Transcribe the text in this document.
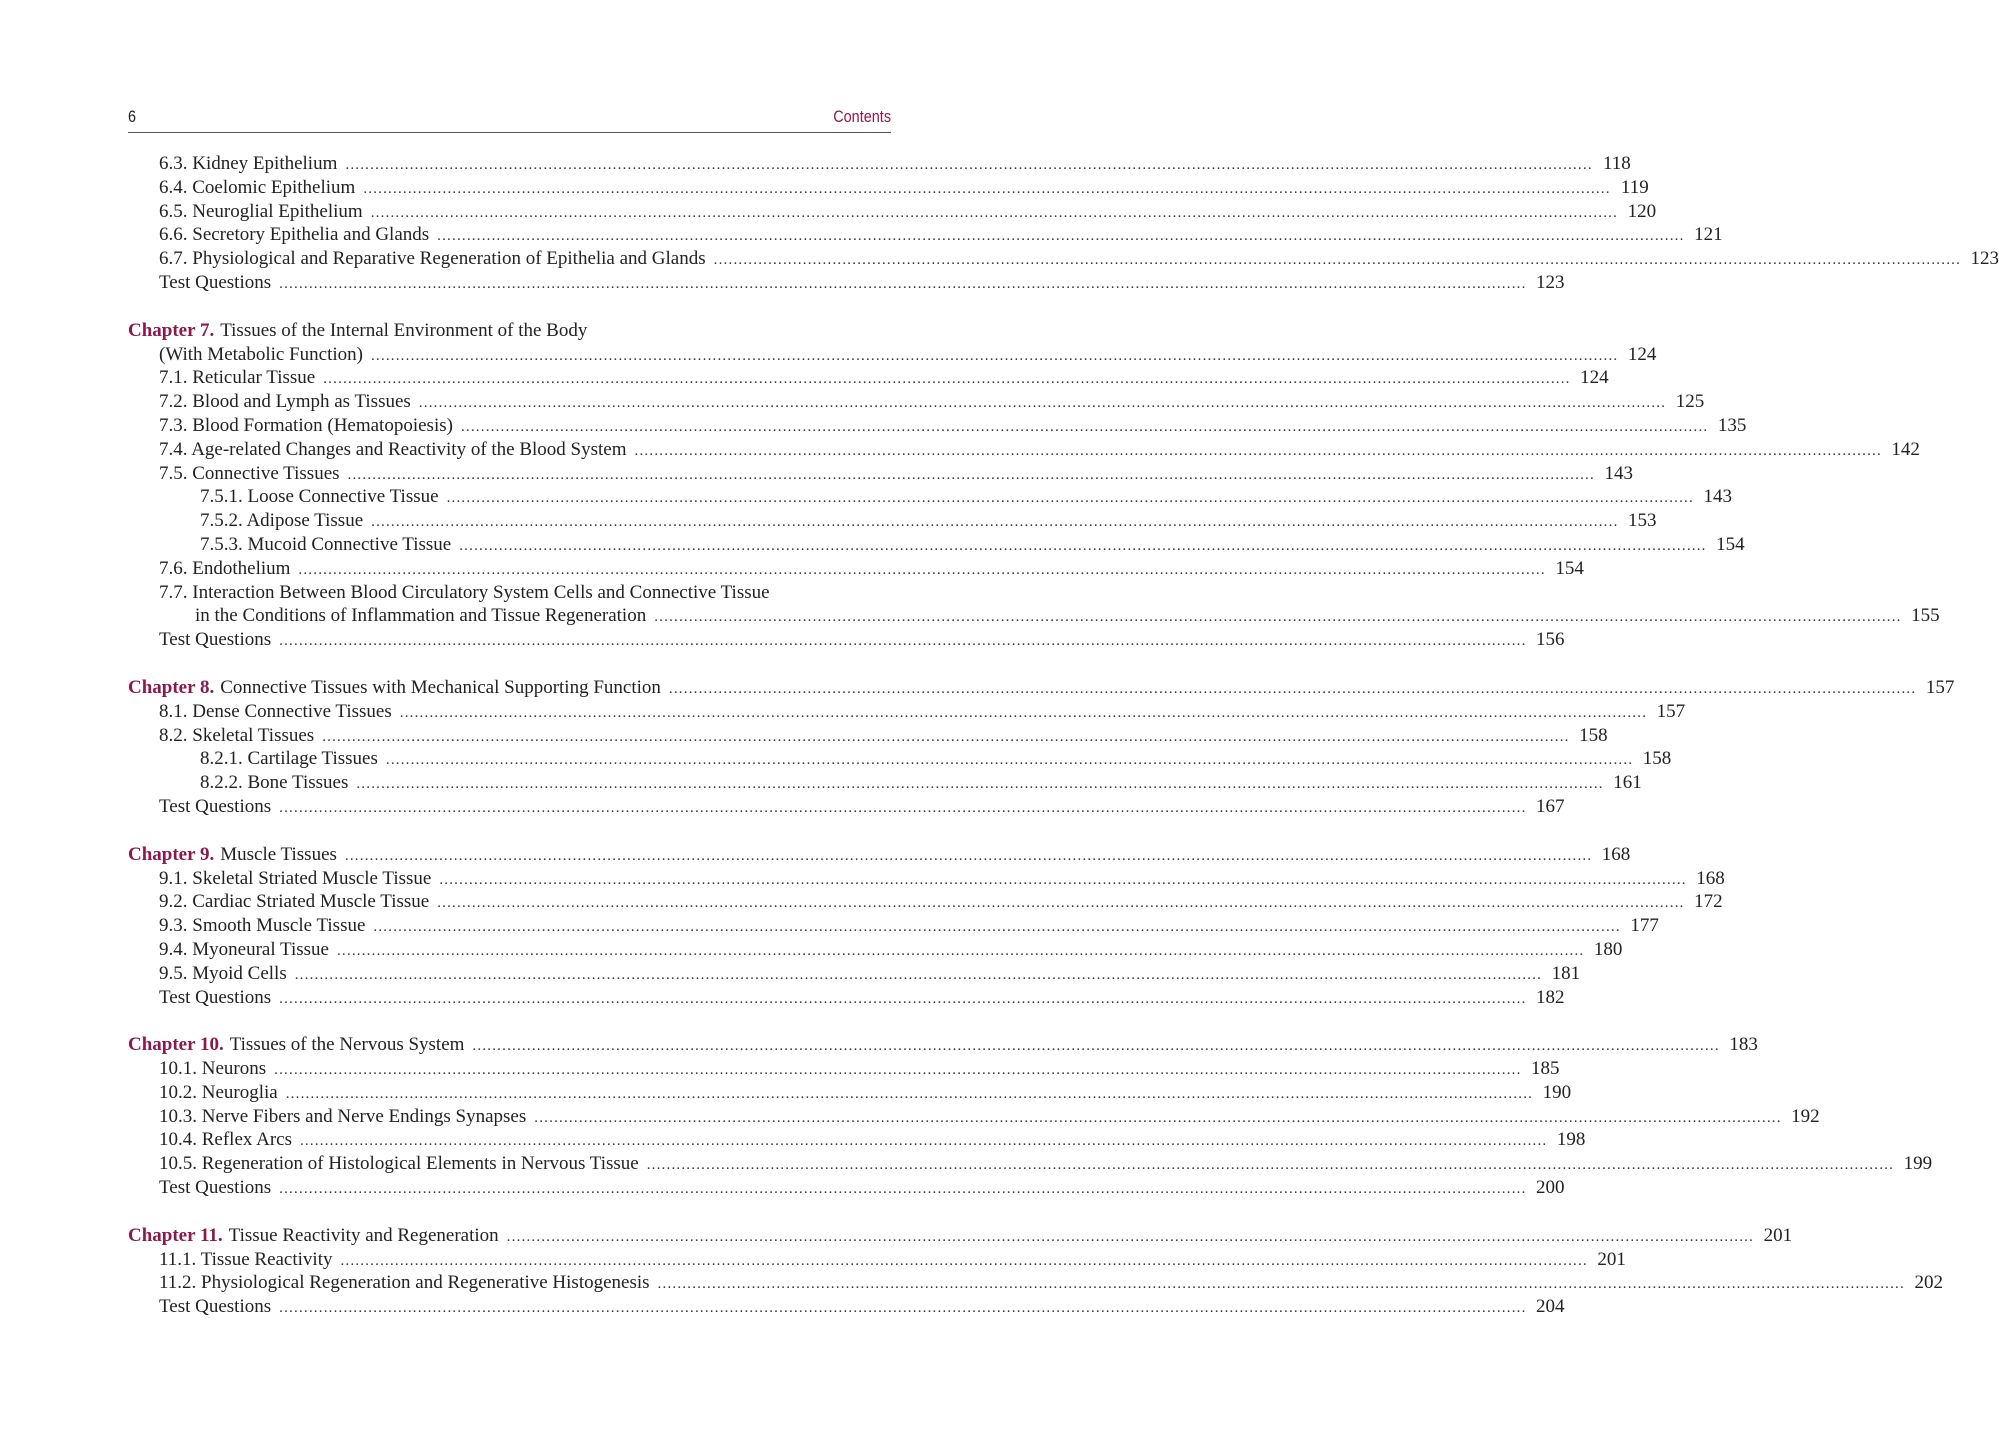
6	Contents
6.3. Kidney Epithelium .....	118
6.4. Coelomic Epithelium .....	119
6.5. Neuroglial Epithelium .....	120
6.6. Secretory Epithelia and Glands .....	121
6.7. Physiological and Reparative Regeneration of Epithelia and Glands .....	123
Test Questions .....	123
Chapter 7. Tissues of the Internal Environment of the Body
(With Metabolic Function) .....	124
7.1. Reticular Tissue .....	124
7.2. Blood and Lymph as Tissues .....	125
7.3. Blood Formation (Hematopoiesis) .....	135
7.4. Age-related Changes and Reactivity of the Blood System .....	142
7.5. Connective Tissues .....	143
7.5.1. Loose Connective Tissue .....	143
7.5.2. Adipose Tissue .....	153
7.5.3. Mucoid Connective Tissue .....	154
7.6. Endothelium .....	154
7.7. Interaction Between Blood Circulatory System Cells and Connective Tissue
in the Conditions of Inflammation and Tissue Regeneration .....	155
Test Questions .....	156
Chapter 8. Connective Tissues with Mechanical Supporting Function .....	157
8.1. Dense Connective Tissues .....	157
8.2. Skeletal Tissues .....	158
8.2.1. Cartilage Tissues .....	158
8.2.2. Bone Tissues .....	161
Test Questions .....	167
Chapter 9. Muscle Tissues .....	168
9.1. Skeletal Striated Muscle Tissue .....	168
9.2. Cardiac Striated Muscle Tissue .....	172
9.3. Smooth Muscle Tissue .....	177
9.4. Myoneural Tissue .....	180
9.5. Myoid Cells .....	181
Test Questions .....	182
Chapter 10. Tissues of the Nervous System .....	183
10.1. Neurons .....	185
10.2. Neuroglia .....	190
10.3. Nerve Fibers and Nerve Endings Synapses .....	192
10.4. Reflex Arcs .....	198
10.5. Regeneration of Histological Elements in Nervous Tissue .....	199
Test Questions .....	200
Chapter 11. Tissue Reactivity and Regeneration .....	201
11.1. Tissue Reactivity .....	201
11.2. Physiological Regeneration and Regenerative Histogenesis .....	202
Test Questions .....	204
